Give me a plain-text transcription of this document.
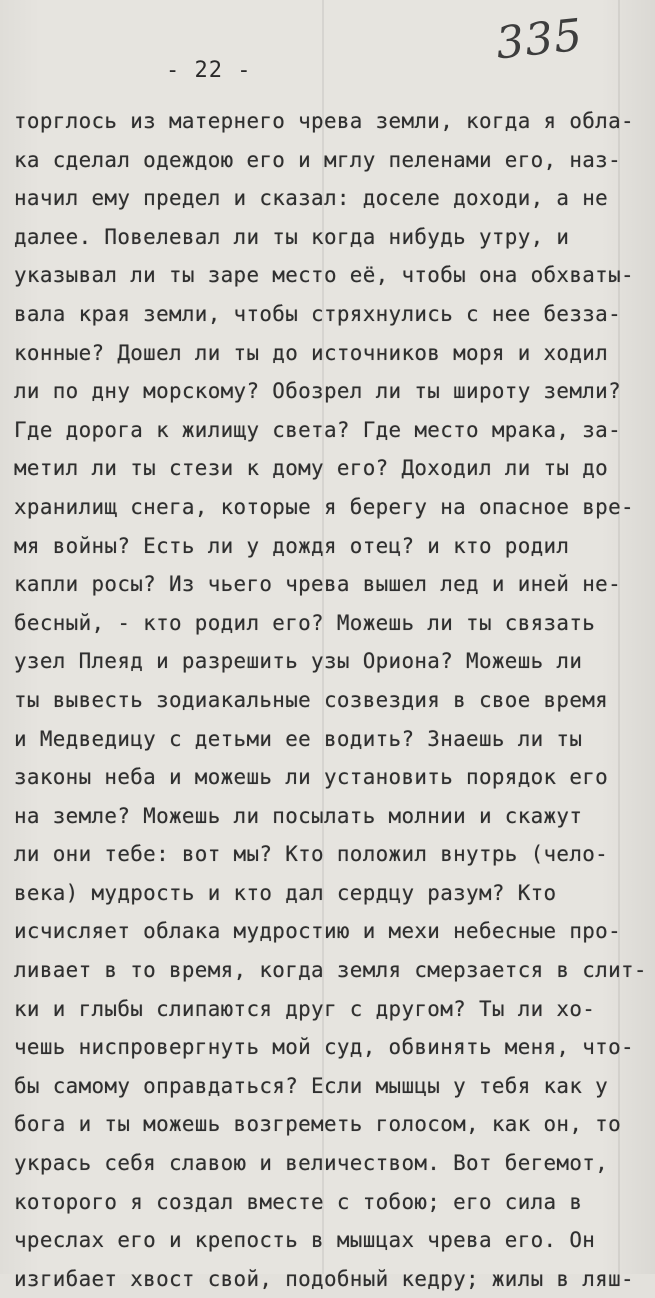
335
- 22 -
торглось из матернего чрева земли, когда я обла-
ка сделал одеждою его и мглу пеленами его, наз-
начил ему предел и сказал: доселе доходи, а не
далее. Повелевал ли ты когда нибудь утру, и
указывал ли ты заре место её, чтобы она обхваты-
вала края земли, чтобы стряхнулись с нее безза-
конные? Дошел ли ты до источников моря и ходил
ли по дну морскому? Обозрел ли ты широту земли?
Где дорога к жилищу света? Где место мрака, за-
метил ли ты стези к дому его? Доходил ли ты до
хранилищ снега, которые я берегу на опасное вре-
мя войны? Есть ли у дождя отец? и кто родил
капли росы? Из чьего чрева вышел лед и иней не-
бесный, - кто родил его? Можешь ли ты связать
узел Плеяд и разрешить узы Ориона? Можешь ли
ты вывесть зодиакальные созвездия в свое время
и Медведицу с детьми ее водить? Знаешь ли ты
законы неба и можешь ли установить порядок его
на земле? Можешь ли посылать молнии и скажут
ли они тебе: вот мы? Кто положил внутрь (чело-
века) мудрость и кто дал сердцу разум? Кто
исчисляет облака мудростию и мехи небесные про-
ливает в то время, когда земля смерзается в слит-
ки и глыбы слипаются друг с другом? Ты ли хо-
чешь ниспровергнуть мой суд, обвинять меня, что-
бы самому оправдаться? Если мышцы у тебя как у
бога и ты можешь возгреметь голосом, как он, то
укрась себя славою и величеством. Вот бегемот,
которого я создал вместе с тобою; его сила в
чреслах его и крепость в мышцах чрева его. Он
изгибает хвост свой, подобный кедру; жилы в ляш-
